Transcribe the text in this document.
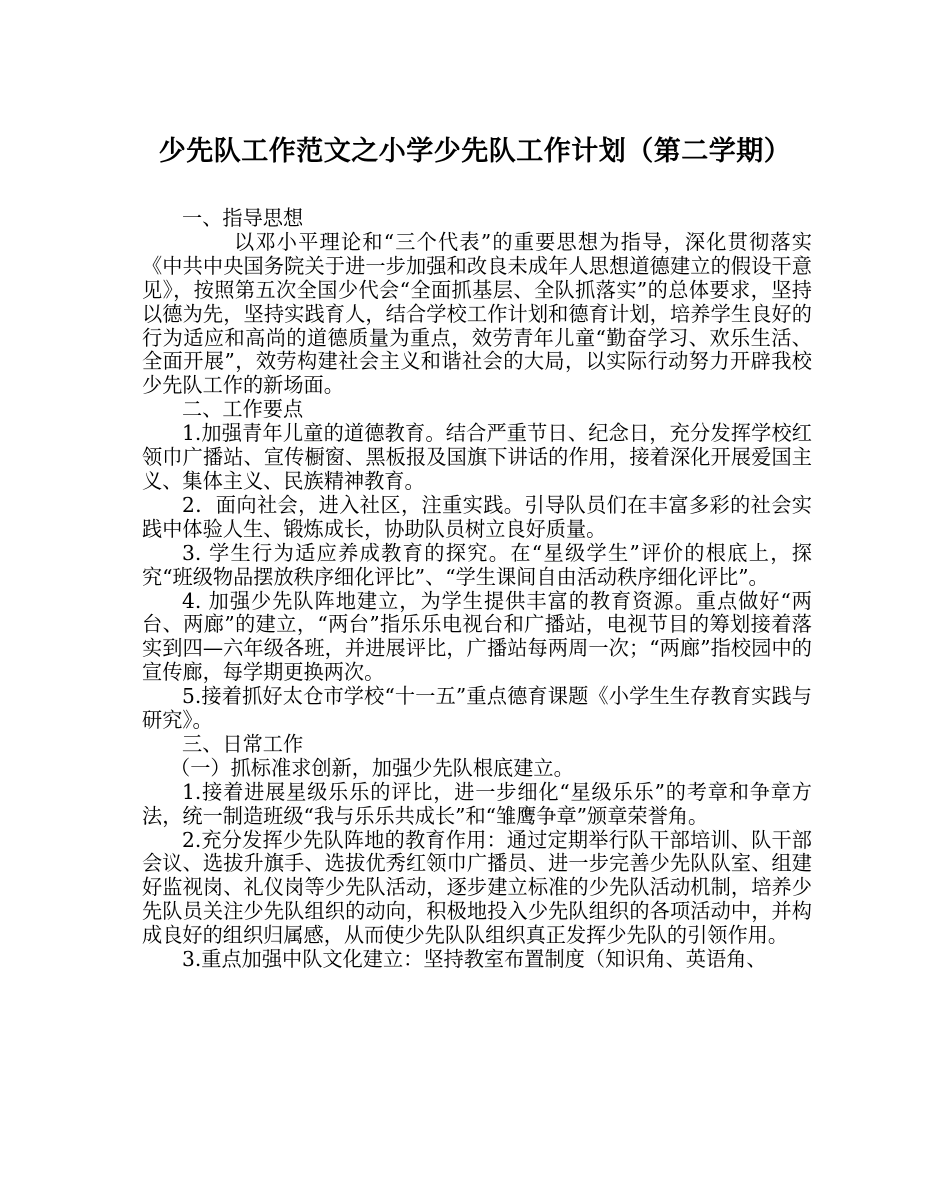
少先队工作范文之小学少先队工作计划（第二学期）

一、指导思想

以邓小平理论和“三个代表”的重要思想为指导，深化贯彻落实《中共中央国务院关于进一步加强和改良未成年人思想道德建立的假设干意见》，按照第五次全国少代会“全面抓基层、全队抓落实”的总体要求，坚持以德为先，坚持实践育人，结合学校工作计划和德育计划，培养学生良好的行为适应和高尚的道德质量为重点，效劳青年儿童“勤奋学习、欢乐生活、全面开展”，效劳构建社会主义和谐社会的大局，以实际行动努力开辟我校少先队工作的新场面。

二、工作要点

1.加强青年儿童的道德教育。结合严重节日、纪念日，充分发挥学校红领巾广播站、宣传橱窗、黑板报及国旗下讲话的作用，接着深化开展爱国主义、集体主义、民族精神教育。

2．面向社会，进入社区，注重实践。引导队员们在丰富多彩的社会实践中体验人生、锻炼成长，协助队员树立良好质量。

3. 学生行为适应养成教育的探究。在“星级学生”评价的根底上，探究“班级物品摆放秩序细化评比”、“学生课间自由活动秩序细化评比”。

4. 加强少先队阵地建立，为学生提供丰富的教育资源。重点做好“两台、两廊”的建立，“两台”指乐乐电视台和广播站，电视节目的筹划接着落实到四—六年级各班，并进展评比，广播站每两周一次；“两廊”指校园中的宣传廊，每学期更换两次。

5.接着抓好太仓市学校“十一五”重点德育课题《小学生生存教育实践与研究》。

三、日常工作

（一）抓标准求创新，加强少先队根底建立。

1.接着进展星级乐乐的评比，进一步细化“星级乐乐”的考章和争章方法，统一制造班级“我与乐乐共成长”和“雏鹰争章”颁章荣誉角。

2.充分发挥少先队阵地的教育作用：通过定期举行队干部培训、队干部会议、选拔升旗手、选拔优秀红领巾广播员、进一步完善少先队队室、组建好监视岗、礼仪岗等少先队活动，逐步建立标准的少先队活动机制，培养少先队员关注少先队组织的动向，积极地投入少先队组织的各项活动中，并构成良好的组织归属感，从而使少先队队组织真正发挥少先队的引领作用。

3.重点加强中队文化建立：坚持教室布置制度（知识角、英语角、
